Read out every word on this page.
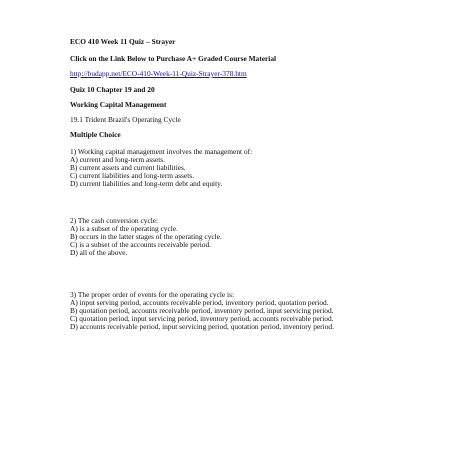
ECO 410 Week 11 Quiz – Strayer
Click on the Link Below to Purchase A+ Graded Course Material
http://budapp.net/ECO-410-Week-11-Quiz-Strayer-378.htm
Quiz 10 Chapter 19 and 20
Working Capital Management
19.1 Trident Brazil's Operating Cycle
Multiple Choice
1) Working capital management involves the management of:
A) current and long-term assets.
B) current assets and current liabilities.
C) current liabilities and long-term assets.
D) current liabilities and long-term debt and equity.
2) The cash conversion cycle:
A) is a subset of the operating cycle.
B) occurs in the latter stages of the operating cycle.
C) is a subset of the accounts receivable period.
D) all of the above.
3) The proper order of events for the operating cycle is:
A) input serving period, accounts receivable period, inventory period, quotation period.
B) quotation period, accounts receivable period, inventory period, input servicing period.
C) quotation period, input servicing period, inventory period, accounts receivable period.
D) accounts receivable period, input servicing period, quotation period, inventory period.
